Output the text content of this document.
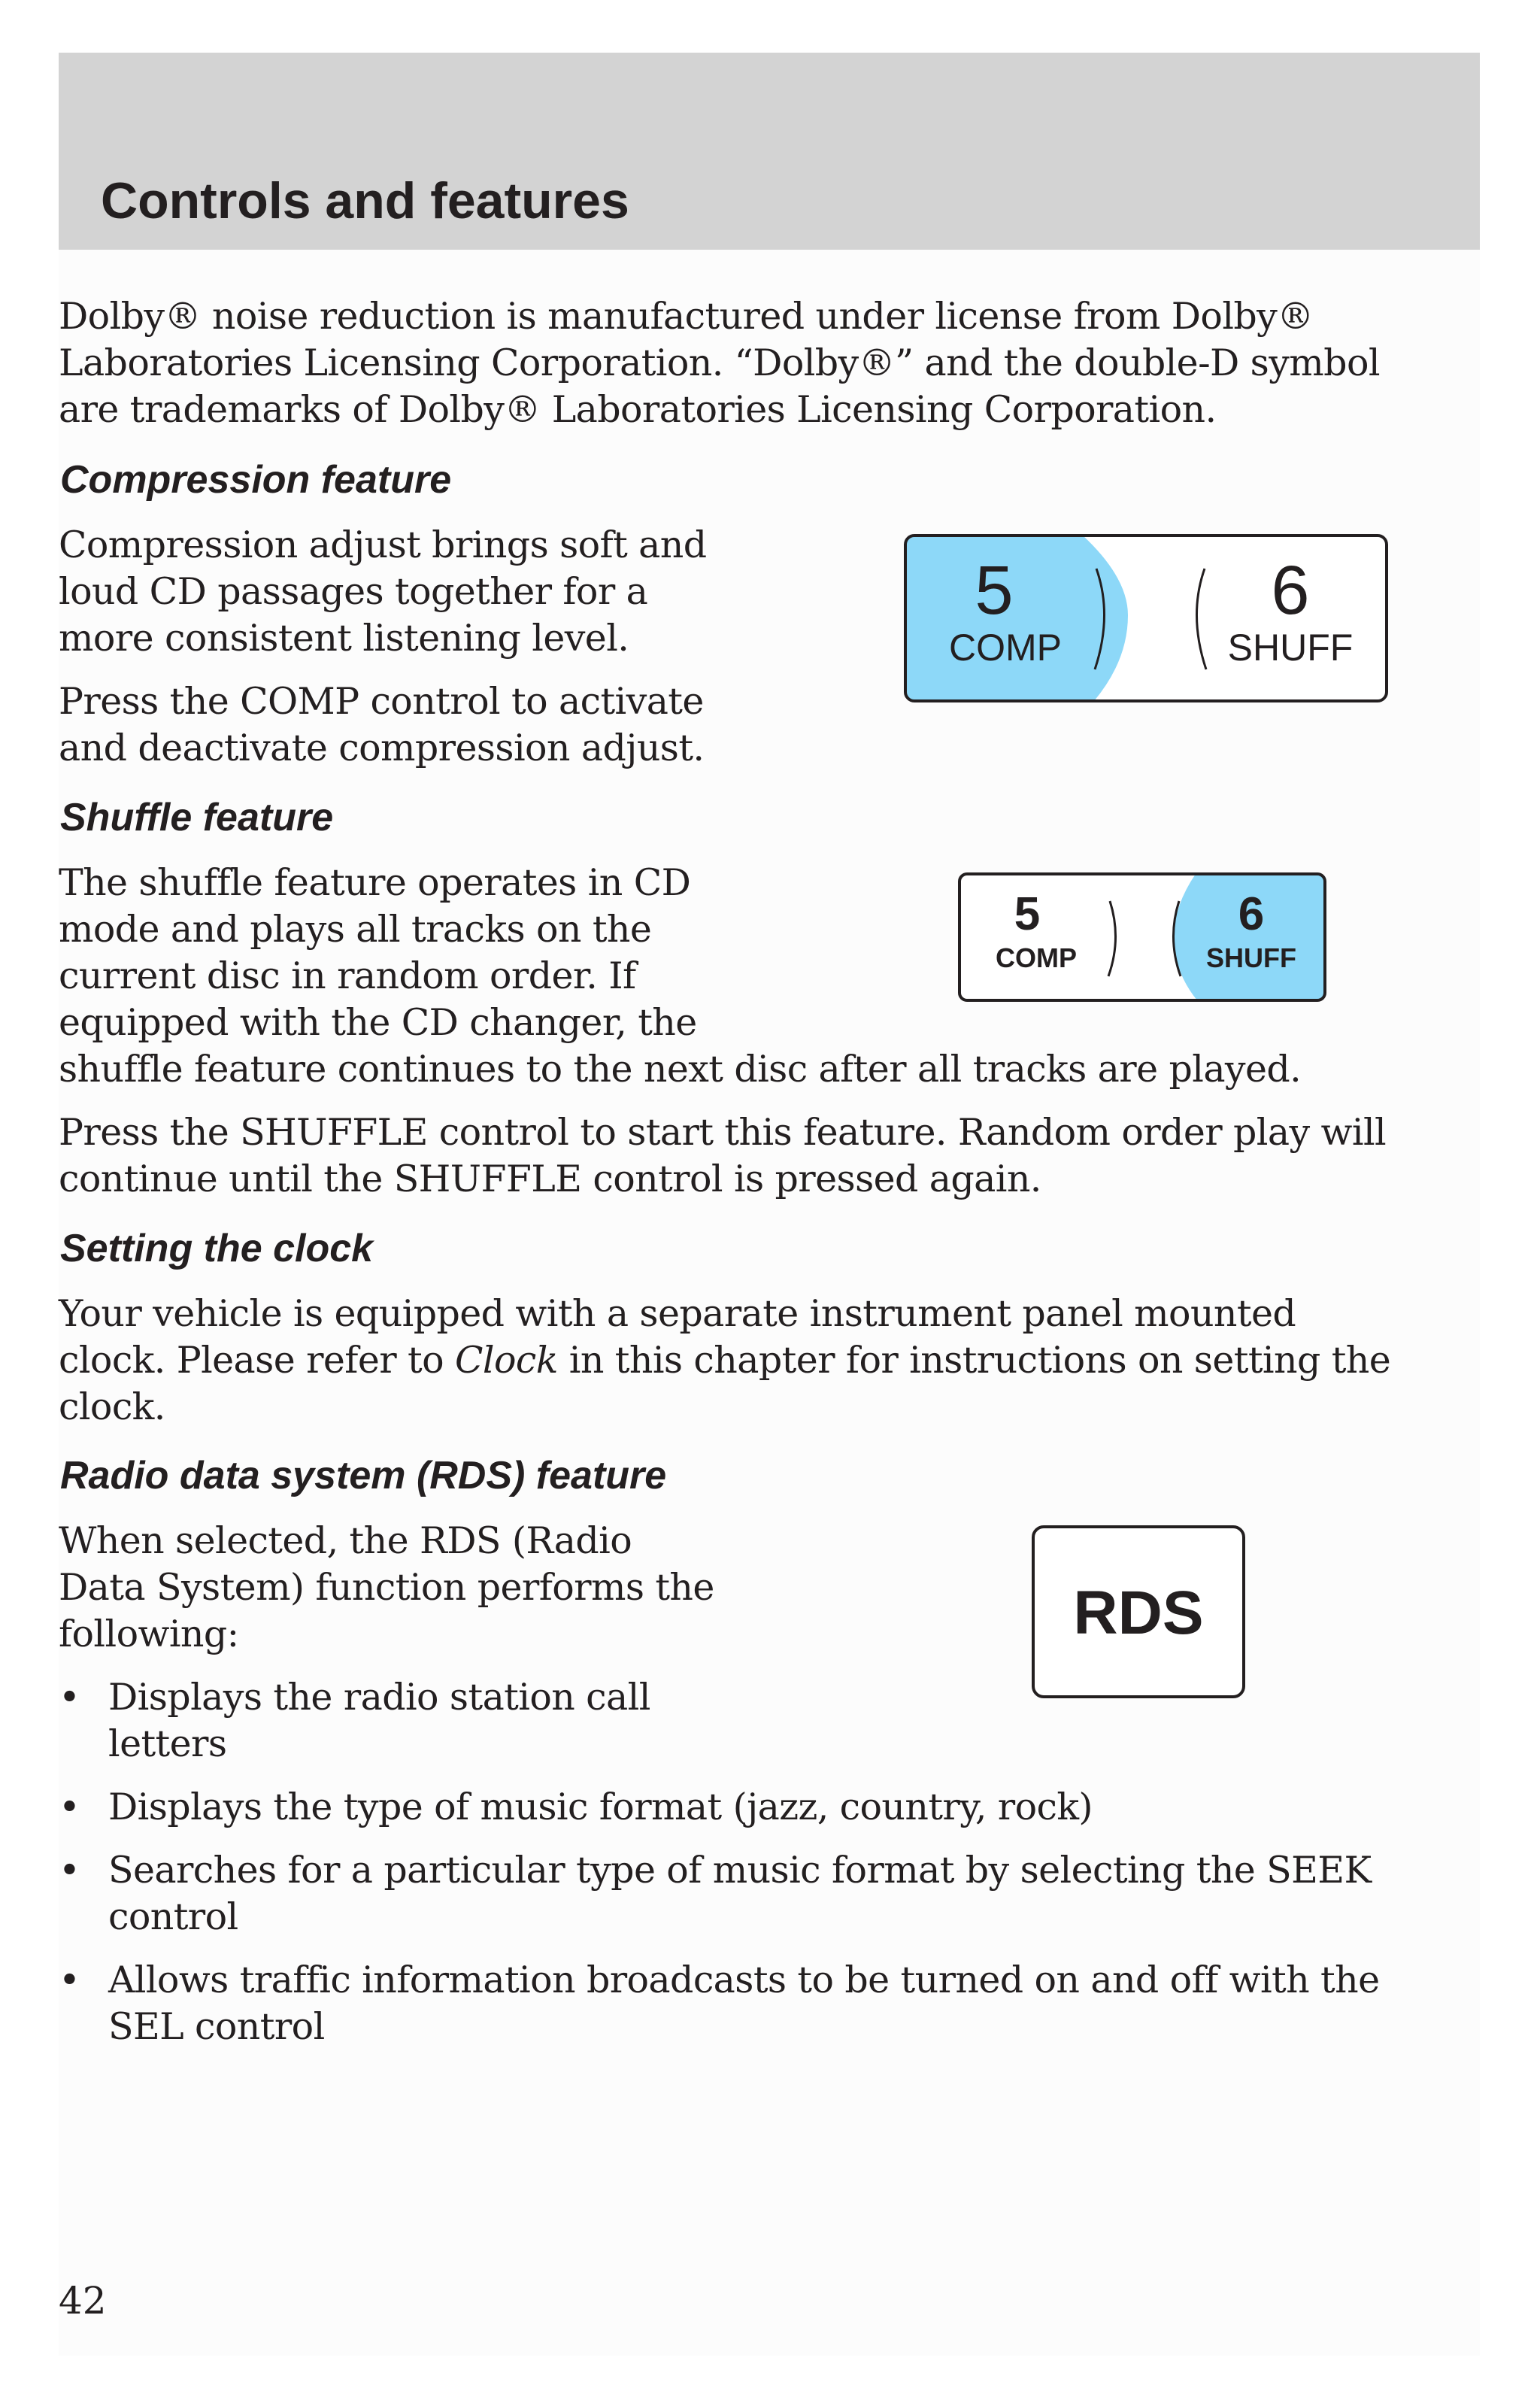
Controls and features
Dolby® noise reduction is manufactured under license from Dolby®
Laboratories Licensing Corporation. “Dolby®” and the double-D symbol
are trademarks of Dolby® Laboratories Licensing Corporation.
Compression feature
Compression adjust brings soft and
loud CD passages together for a
more consistent listening level.
Press the COMP control to activate
and deactivate compression adjust.
5
COMP
6
SHUFF
Shuffle feature
The shuffle feature operates in CD
mode and plays all tracks on the
current disc in random order. If
equipped with the CD changer, the
shuffle feature continues to the next disc after all tracks are played.
Press the SHUFFLE control to start this feature. Random order play will
continue until the SHUFFLE control is pressed again.
5
COMP
6
SHUFF
Setting the clock
Your vehicle is equipped with a separate instrument panel mounted
clock. Please refer to Clock in this chapter for instructions on setting the
clock.
Radio data system (RDS) feature
When selected, the RDS (Radio
Data System) function performs the
following:	RDS
• Displays the radio station call
letters
• Displays the type of music format (jazz, country, rock)
• Searches for a particular type of music format by selecting the SEEK
control
• Allows traffic information broadcasts to be turned on and off with the
SEL control
42
